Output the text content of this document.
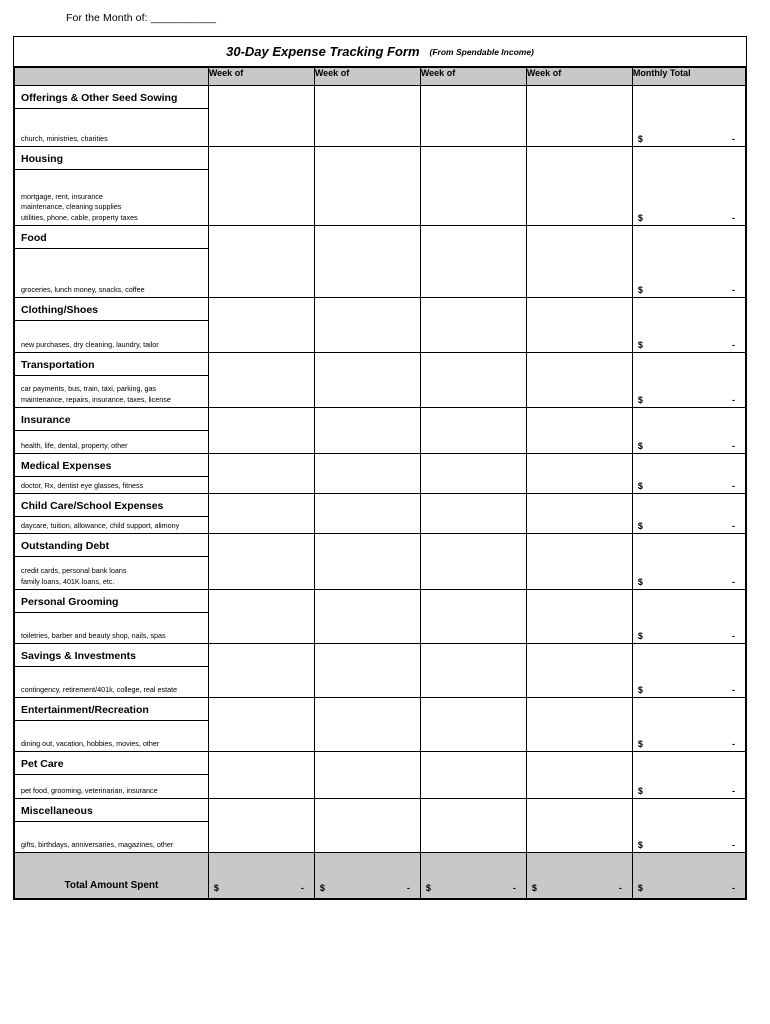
For the Month of: ___________
30-Day Expense Tracking Form (From Spendable Income)
	Week of	Week of	Week of	Week of	Monthly Total

Offerings & Other Seed Sowing
church, ministries, charities					$	-

Housing
mortgage, rent, insurance
maintenance, cleaning supplies
utilities, phone, cable, property taxes					$	-

Food
groceries, lunch money, snacks, coffee					$	-

Clothing/Shoes
new purchases, dry cleaning, laundry, tailor					$	-

Transportation
car payments, bus, train, taxi, parking, gas
maintenance, repairs, insurance, taxes, license					$	-

Insurance
health, life, dental, property, other					$	-

Medical Expenses
doctor, Rx, dentist eye glasses, fitness					$	-

Child Care/School Expenses
daycare, tuition, allowance, child support, alimony					$	-

Outstanding Debt
credit cards, personal bank loans
family loans, 401K loans, etc.					$	-

Personal Grooming
toiletries, barber and beauty shop, nails, spas					$	-

Savings & Investments
contingency, retirement/401k, college, real estate					$	-

Entertainment/Recreation
dining out, vacation, hobbies, movies, other					$	-

Pet Care
pet food, grooming, veterinarian, insurance					$	-

Miscellaneous
gifts, birthdays, anniversaries, magazines, other					$	-

Total Amount Spent	$ -	$ -	$ -	$ -	$ -
